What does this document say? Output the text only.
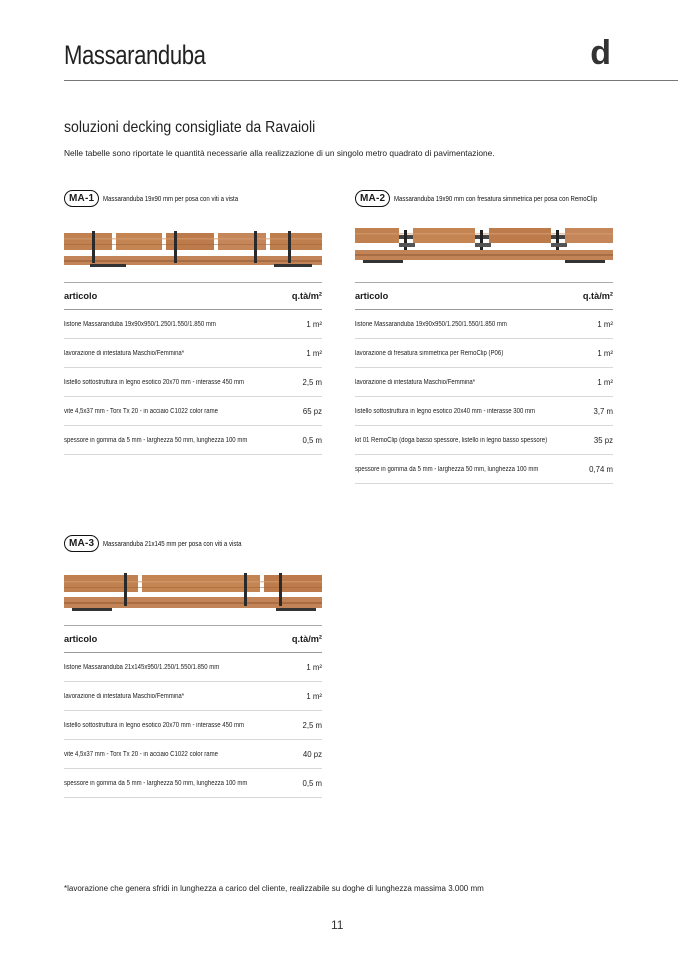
Massaranduba	d
soluzioni decking consigliate da Ravaioli
Nelle tabelle sono riportate le quantità necessarie alla realizzazione di un singolo metro quadrato di pavimentazione.
MA-1	Massaranduba 19x90 mm per posa con viti a vista
articolo	q.tà/m²
listone Massaranduba 19x90x950/1.250/1.550/1.850 mm	1 m²
lavorazione di intestatura Maschio/Femmina*	1 m²
listello sottostruttura in legno esotico 20x70 mm - interasse 450 mm	2,5 m
vite 4,5x37 mm - Torx Tx 20 - in acciaio C1022 color rame	65 pz
spessore in gomma da 5 mm - larghezza 50 mm, lunghezza 100 mm	0,5 m
MA-2	Massaranduba 19x90 mm con fresatura simmetrica per posa con RemoClip
articolo	q.tà/m²
listone Massaranduba 19x90x950/1.250/1.550/1.850 mm	1 m²
lavorazione di fresatura simmetrica per RemoClip (P06)	1 m²
lavorazione di intestatura Maschio/Femmina*	1 m²
listello sottostruttura in legno esotico 20x40 mm - interasse 300 mm	3,7 m
kit 01 RemoClip (doga basso spessore, listello in legno basso spessore)	35 pz
spessore in gomma da 5 mm - larghezza 50 mm, lunghezza 100 mm	0,74 m
MA-3	Massaranduba 21x145 mm per posa con viti a vista
articolo	q.tà/m²
listone Massaranduba 21x145x950/1.250/1.550/1.850 mm	1 m²
lavorazione di intestatura Maschio/Femmina*	1 m²
listello sottostruttura in legno esotico 20x70 mm - interasse 450 mm	2,5 m
vite 4,5x37 mm - Torx Tx 20 - in acciaio C1022 color rame	40 pz
spessore in gomma da 5 mm - larghezza 50 mm, lunghezza 100 mm	0,5 m
*lavorazione che genera sfridi in lunghezza a carico del cliente, realizzabile su doghe di lunghezza massima 3.000 mm
11
